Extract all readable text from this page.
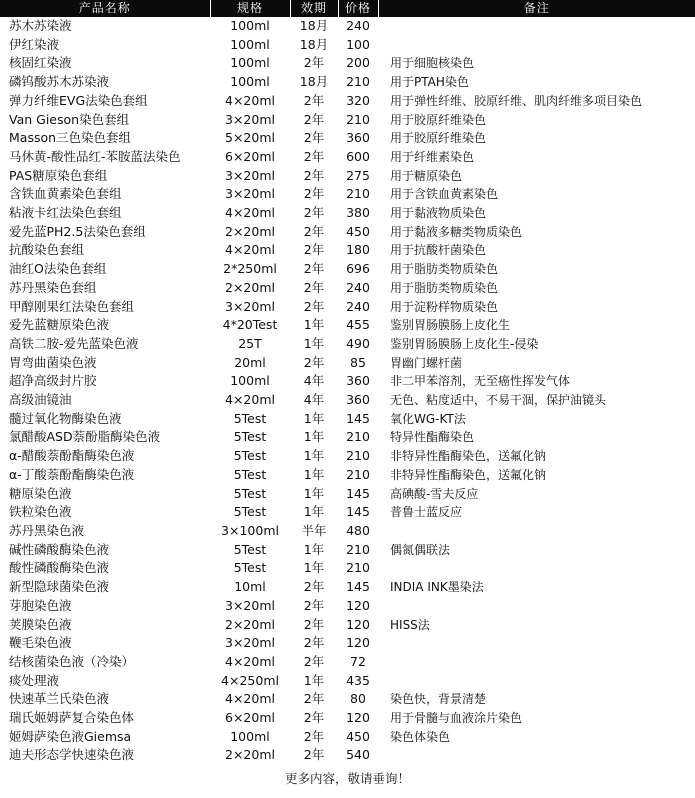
产品名称	规格	效期	价格	备注
苏木苏染液	100ml	18月	240	
伊红染液	100ml	18月	100	
核固红染液	100ml	2年	200	用于细胞核染色
磷钨酸苏木苏染液	100ml	18月	210	用于PTAH染色
弹力纤维EVG法染色套组	4×20ml	2年	320	用于弹性纤维、胶原纤维、肌肉纤维多项目染色
Van Gieson染色套组	3×20ml	2年	210	用于胶原纤维染色
Masson三色染色套组	5×20ml	2年	360	用于胶原纤维染色
马休黄-酸性品红-苯胺蓝法染色	6×20ml	2年	600	用于纤维素染色
PAS糖原染色套组	3×20ml	2年	275	用于糖原染色
含铁血黄素染色套组	3×20ml	2年	210	用于含铁血黄素染色
粘液卡红法染色套组	4×20ml	2年	380	用于黏液物质染色
爱先蓝PH2.5法染色套组	2×20ml	2年	450	用于黏液多糖类物质染色
抗酸染色套组	4×20ml	2年	180	用于抗酸杆菌染色
油红O法染色套组	2*250ml	2年	696	用于脂肪类物质染色
苏丹黑染色套组	2×20ml	2年	240	用于脂肪类物质染色
甲醇刚果红法染色套组	3×20ml	2年	240	用于淀粉样物质染色
爱先蓝糖原染色液	4*20Test	1年	455	鉴别胃肠膜肠上皮化生
高铁二胺-爱先蓝染色液	25T	1年	490	鉴别胃肠膜肠上皮化生-侵染
胃弯曲菌染色液	20ml	2年	85	胃幽门螺杆菌
超净高级封片胶	100ml	4年	360	非二甲苯溶剂，无至癌性挥发气体
高级油镜油	4×20ml	4年	360	无色、粘度适中，不易干涸，保护油镜头
髓过氧化物酶染色液	5Test	1年	145	氧化WG-KT法
氯醋酸ASD萘酚脂酶染色液	5Test	1年	210	特异性酯酶染色
α-醋酸萘酚酯酶染色液	5Test	1年	210	非特异性酯酶染色，送氟化钠
α-丁酸萘酚酯酶染色液	5Test	1年	210	非特异性酯酶染色，送氟化钠
糖原染色液	5Test	1年	145	高碘酸-雪夫反应
铁粒染色液	5Test	1年	145	普鲁士蓝反应
苏丹黑染色液	3×100ml	半年	480	
碱性磷酸酶染色液	5Test	1年	210	偶氮偶联法
酸性磷酸酶染色液	5Test	1年	210	
新型隐球菌染色液	10ml	2年	145	INDIA INK墨染法
芽胞染色液	3×20ml	2年	120	
荚膜染色液	2×20ml	2年	120	HISS法
鞭毛染色液	3×20ml	2年	120	
结核菌染色液（冷染）	4×20ml	2年	72	
痰处理液	4×250ml	1年	435	
快速革兰氏染色液	4×20ml	2年	80	染色快，背景清楚
瑞氏姬姆萨复合染色体	6×20ml	2年	120	用于骨髓与血液涂片染色
姬姆萨染色液Giemsa	100ml	2年	450	染色体染色
迪夫形态学快速染色液	2×20ml	2年	540	
更多内容，敬请垂询！
